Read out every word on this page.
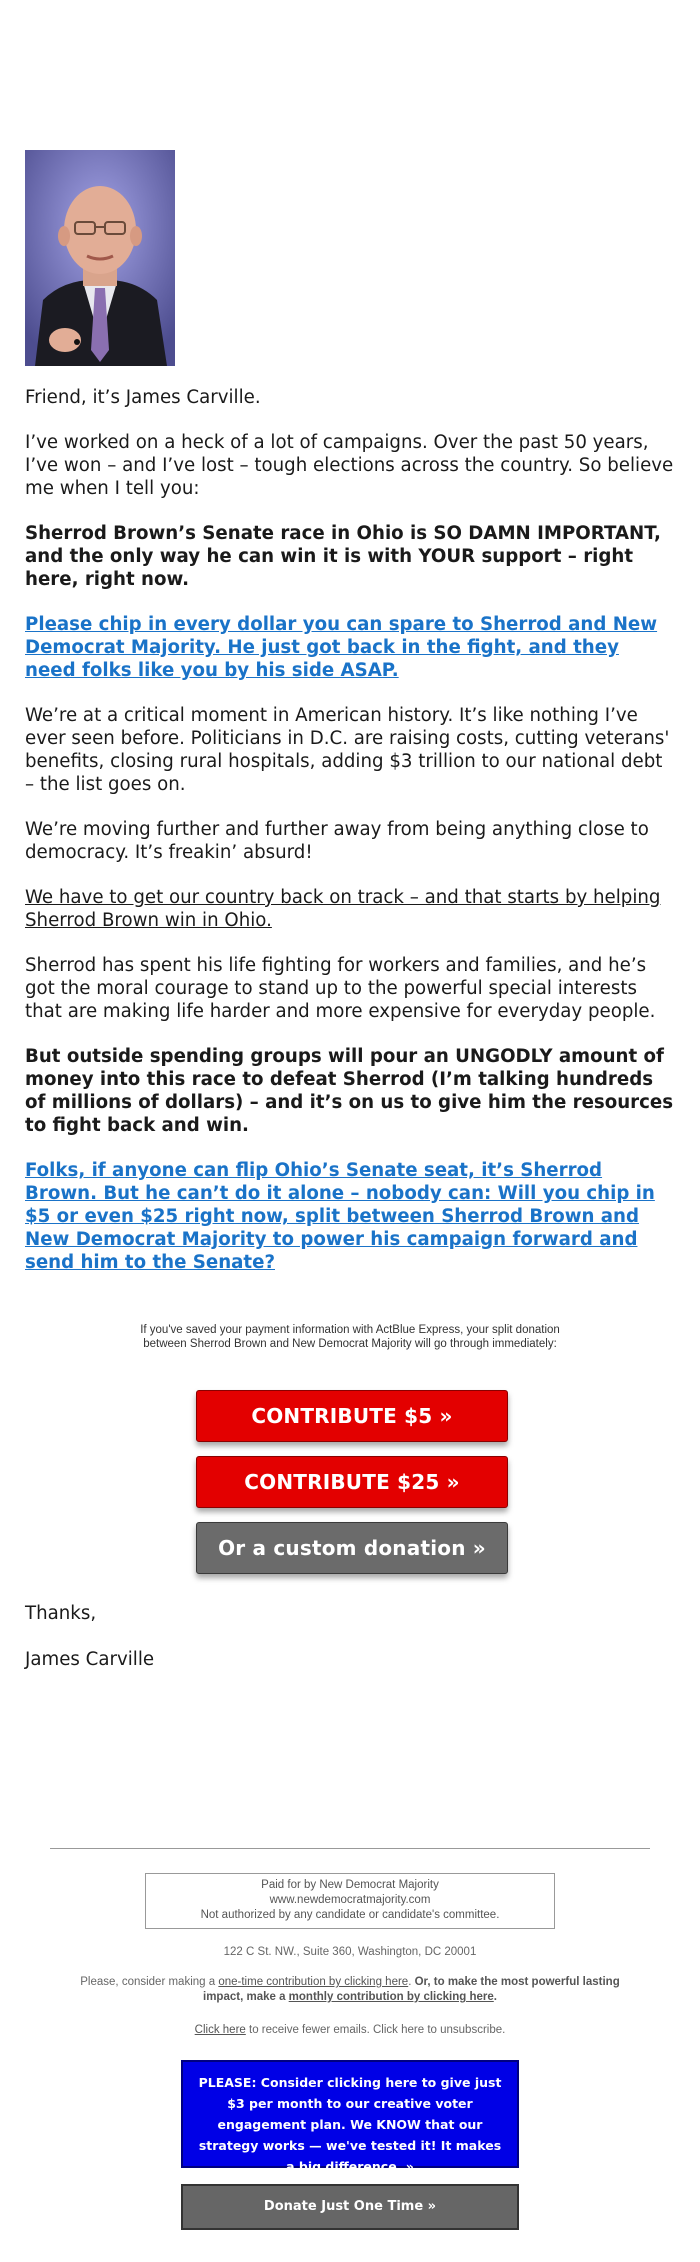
Friend, it’s James Carville.

I’ve worked on a heck of a lot of campaigns. Over the past 50 years, I’ve won – and I’ve lost – tough elections across the country. So believe me when I tell you:

Sherrod Brown’s Senate race in Ohio is SO DAMN IMPORTANT, and the only way he can win it is with YOUR support – right here, right now.

Please chip in every dollar you can spare to Sherrod and New Democrat Majority. He just got back in the fight, and they need folks like you by his side ASAP.

We’re at a critical moment in American history. It’s like nothing I’ve ever seen before. Politicians in D.C. are raising costs, cutting veterans' benefits, closing rural hospitals, adding $3 trillion to our national debt – the list goes on.

We’re moving further and further away from being anything close to democracy. It’s freakin’ absurd!

We have to get our country back on track – and that starts by helping Sherrod Brown win in Ohio.

Sherrod has spent his life fighting for workers and families, and he’s got the moral courage to stand up to the powerful special interests that are making life harder and more expensive for everyday people.

But outside spending groups will pour an UNGODLY amount of money into this race to defeat Sherrod (I’m talking hundreds of millions of dollars) – and it’s on us to give him the resources to fight back and win.

Folks, if anyone can flip Ohio’s Senate seat, it’s Sherrod Brown. But he can’t do it alone – nobody can: Will you chip in $5 or even $25 right now, split between Sherrod Brown and New Democrat Majority to power his campaign forward and send him to the Senate?

If you've saved your payment information with ActBlue Express, your split donation between Sherrod Brown and New Democrat Majority will go through immediately:
CONTRIBUTE $5 »
CONTRIBUTE $25 »
Or a custom donation »
Thanks,
James Carville
Paid for by New Democrat Majority
www.newdemocratmajority.com
Not authorized by any candidate or candidate's committee.
122 C St. NW., Suite 360, Washington, DC 20001
Please, consider making a one-time contribution by clicking here. Or, to make the most powerful lasting impact, make a monthly contribution by clicking here.
Click here to receive fewer emails. Click here to unsubscribe.
PLEASE: Consider clicking here to give just $3 per month to our creative voter engagement plan. We KNOW that our strategy works — we've tested it! It makes a big difference. »
Donate Just One Time »
